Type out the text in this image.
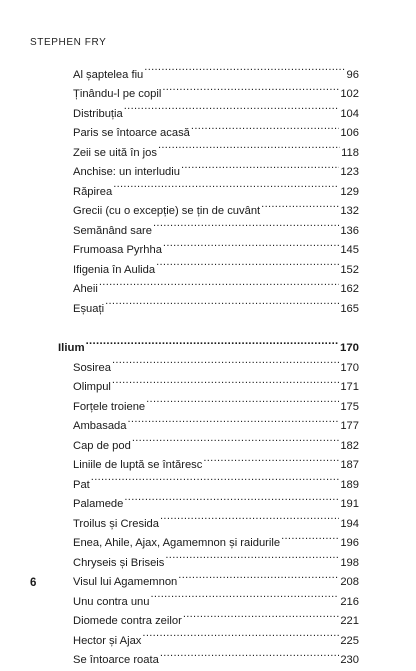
STEPHEN FRY
Al șaptelea fiu .....	96
Ținându-l pe copil .....	102
Distribuția .....	104
Paris se întoarce acasă .....	106
Zeii se uită în jos .....	118
Anchise: un interludiu .....	123
Răpirea .....	129
Grecii (cu o excepție) se țin de cuvânt .....	132
Semănând sare .....	136
Frumoasa Pyrhha .....	145
Ifigenia în Aulida .....	152
Aheii .....	162
Eșuați .....	165
Ilium .....	170
Sosirea .....	170
Olimpul .....	171
Forțele troiene .....	175
Ambasada .....	177
Cap de pod .....	182
Liniile de luptă se întăresc .....	187
Pat .....	189
Palamede .....	191
Troilus și Cresida .....	194
Enea, Ahile, Ajax, Agamemnon și raidurile .....	196
Chryseis și Briseis .....	198
Visul lui Agamemnon .....	208
Unu contra unu .....	216
Diomede contra zeilor .....	221
Hector și Ajax .....	225
Se întoarce roata .....	230
6
